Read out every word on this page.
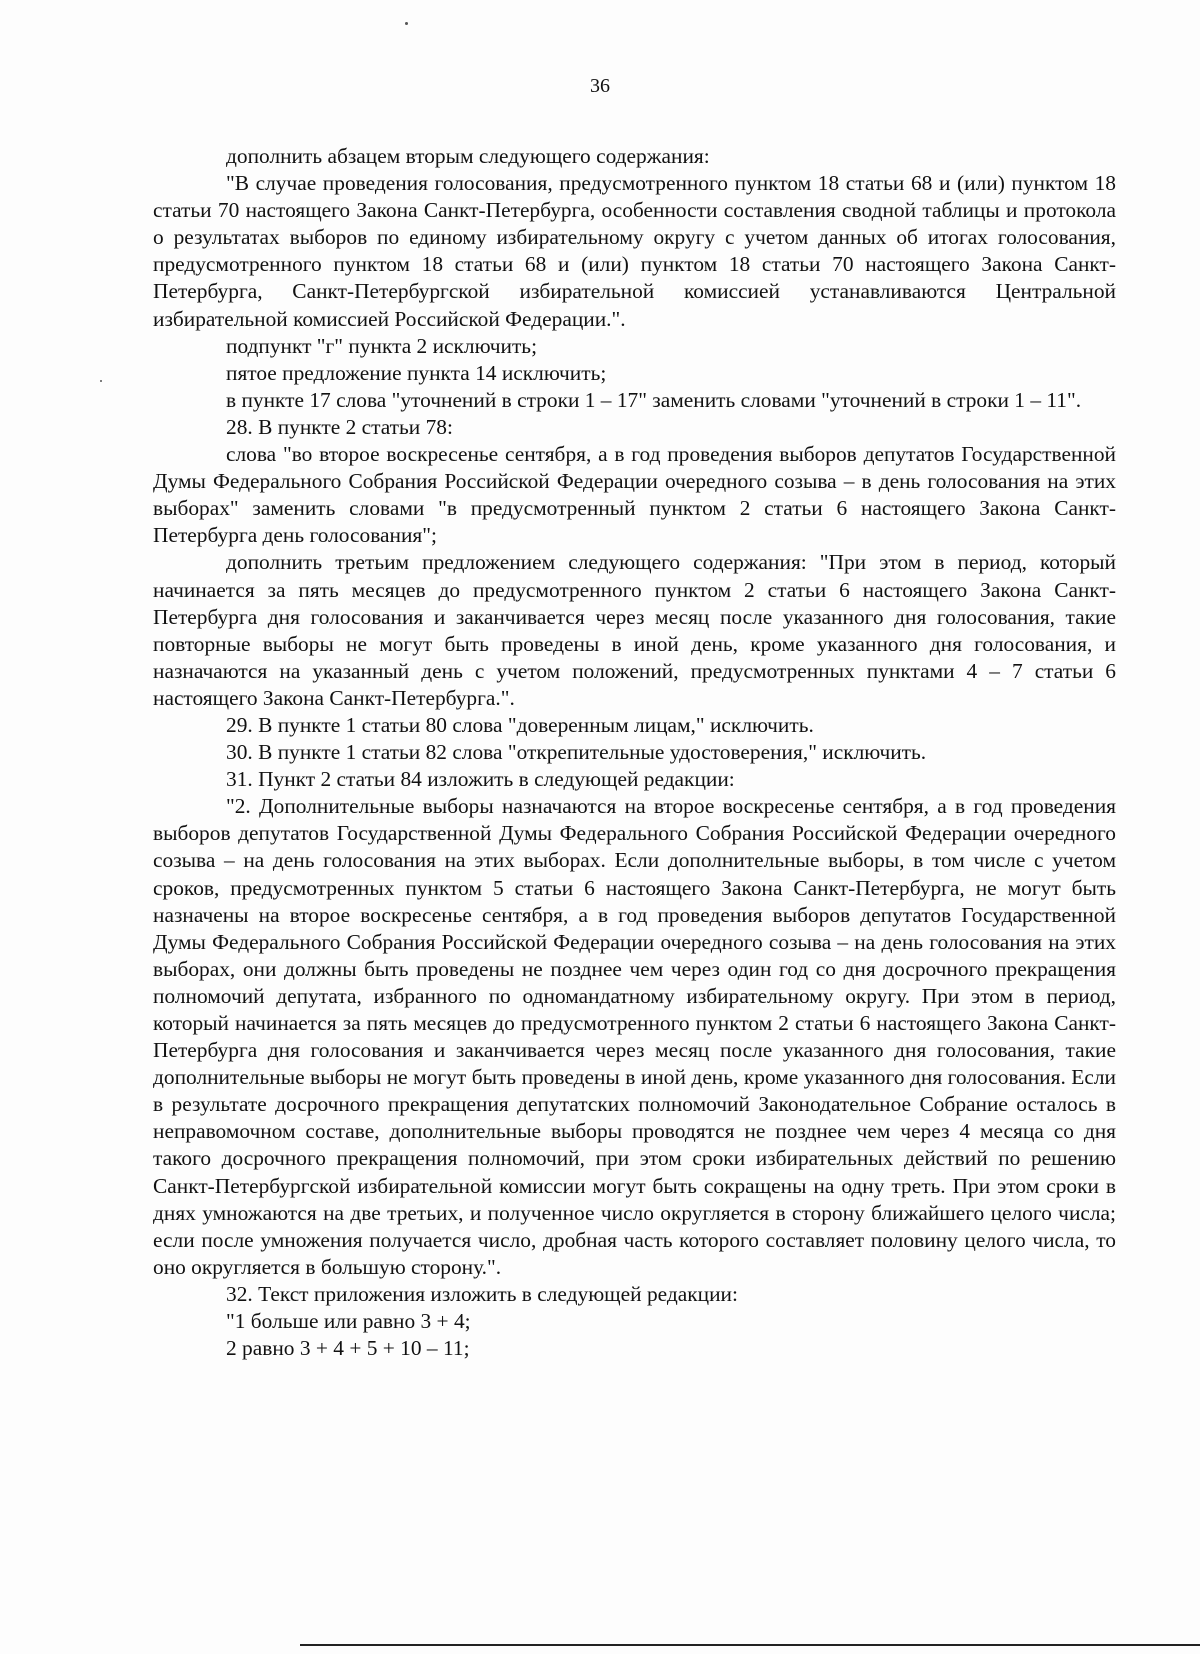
36

дополнить абзацем вторым следующего содержания:

"В случае проведения голосования, предусмотренного пунктом 18 статьи 68 и (или) пунктом 18 статьи 70 настоящего Закона Санкт-Петербурга, особенности составления сводной таблицы и протокола о результатах выборов по единому избирательному округу с учетом данных об итогах голосования, предусмотренного пунктом 18 статьи 68 и (или) пунктом 18 статьи 70 настоящего Закона Санкт-Петербурга, Санкт-Петербургской избирательной комиссией устанавливаются Центральной избирательной комиссией Российской Федерации.".

подпункт "г" пункта 2 исключить;

пятое предложение пункта 14 исключить;

в пункте 17 слова "уточнений в строки 1 – 17" заменить словами "уточнений в строки 1 – 11".

28. В пункте 2 статьи 78:

слова "во второе воскресенье сентября, а в год проведения выборов депутатов Государственной Думы Федерального Собрания Российской Федерации очередного созыва – в день голосования на этих выборах" заменить словами "в предусмотренный пунктом 2 статьи 6 настоящего Закона Санкт-Петербурга день голосования";

дополнить третьим предложением следующего содержания: "При этом в период, который начинается за пять месяцев до предусмотренного пунктом 2 статьи 6 настоящего Закона Санкт-Петербурга дня голосования и заканчивается через месяц после указанного дня голосования, такие повторные выборы не могут быть проведены в иной день, кроме указанного дня голосования, и назначаются на указанный день с учетом положений, предусмотренных пунктами 4 – 7 статьи 6 настоящего Закона Санкт-Петербурга.".

29. В пункте 1 статьи 80 слова "доверенным лицам," исключить.

30. В пункте 1 статьи 82 слова "открепительные удостоверения," исключить.

31. Пункт 2 статьи 84 изложить в следующей редакции:

"2. Дополнительные выборы назначаются на второе воскресенье сентября, а в год проведения выборов депутатов Государственной Думы Федерального Собрания Российской Федерации очередного созыва – на день голосования на этих выборах. Если дополнительные выборы, в том числе с учетом сроков, предусмотренных пунктом 5 статьи 6 настоящего Закона Санкт-Петербурга, не могут быть назначены на второе воскресенье сентября, а в год проведения выборов депутатов Государственной Думы Федерального Собрания Российской Федерации очередного созыва – на день голосования на этих выборах, они должны быть проведены не позднее чем через один год со дня досрочного прекращения полномочий депутата, избранного по одномандатному избирательному округу. При этом в период, который начинается за пять месяцев до предусмотренного пунктом 2 статьи 6 настоящего Закона Санкт-Петербурга дня голосования и заканчивается через месяц после указанного дня голосования, такие дополнительные выборы не могут быть проведены в иной день, кроме указанного дня голосования. Если в результате досрочного прекращения депутатских полномочий Законодательное Собрание осталось в неправомочном составе, дополнительные выборы проводятся не позднее чем через 4 месяца со дня такого досрочного прекращения полномочий, при этом сроки избирательных действий по решению Санкт-Петербургской избирательной комиссии могут быть сокращены на одну треть. При этом сроки в днях умножаются на две третьих, и полученное число округляется в сторону ближайшего целого числа; если после умножения получается число, дробная часть которого составляет половину целого числа, то оно округляется в большую сторону.".

32. Текст приложения изложить в следующей редакции:

"1 больше или равно 3 + 4;

2 равно 3 + 4 + 5 + 10 – 11;
